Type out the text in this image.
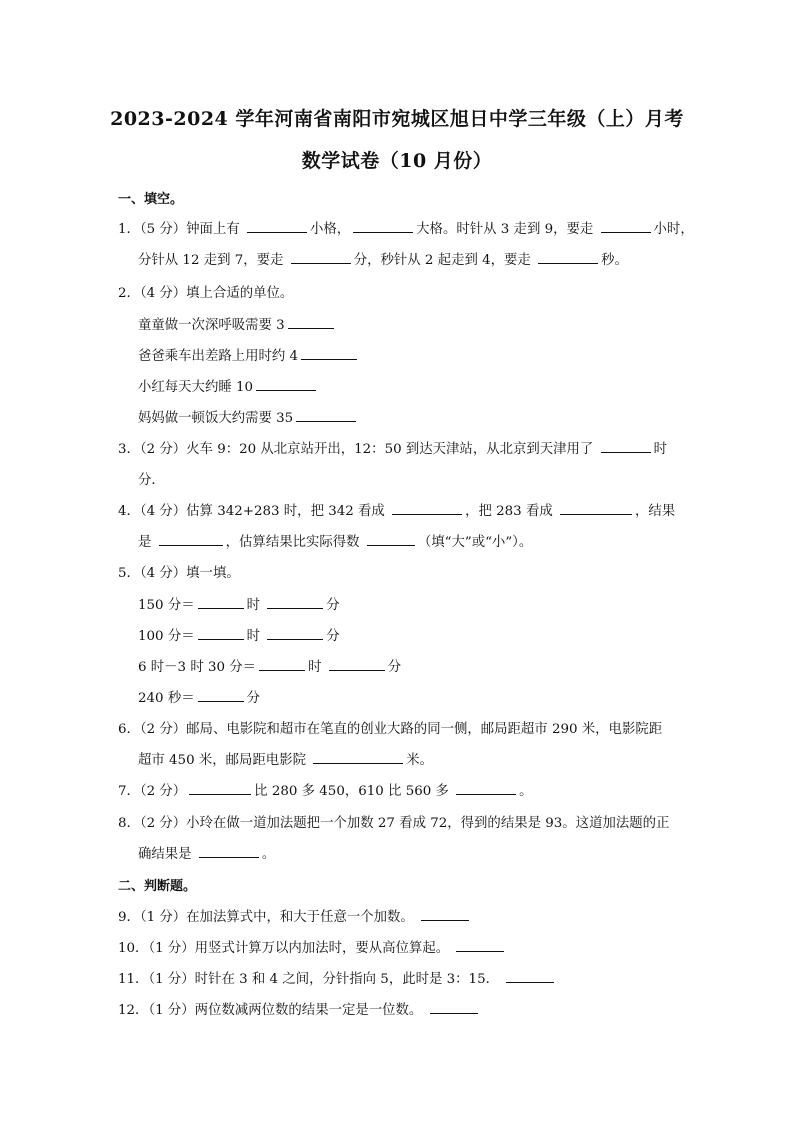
2023-2024 学年河南省南阳市宛城区旭日中学三年级（上）月考
数学试卷（10 月份）
一、填空。
1．（5 分）钟面上有	小格，	大格。时针从 3 走到 9，要走	小时，
分针从 12 走到 7，要走	分，秒针从 2 起走到 4，要走	秒。
2．（4 分）填上合适的单位。
童童做一次深呼吸需要 3
爸爸乘车出差路上用时约 4
小红每天大约睡 10
妈妈做一顿饭大约需要 35
3．（2 分）火车 9：20 从北京站开出，12：50 到达天津站，从北京到天津用了	时
分．
4．（4 分）估算 342+283 时，把 342 看成	，把 283 看成	，结果
是	，估算结果比实际得数	（填“大”或“小”）。
5．（4 分）填一填。
150 分＝	时	分
100 分＝	时	分
6 时－3 时 30 分＝	时	分
240 秒＝	分
6．（2 分）邮局、电影院和超市在笔直的创业大路的同一侧，邮局距超市 290 米，电影院距
超市 450 米，邮局距电影院	米。
7．（2 分）	比 280 多 450，610 比 560 多	。
8．（2 分）小玲在做一道加法题把一个加数 27 看成 72，得到的结果是 93。这道加法题的正
确结果是	。
二、判断题。
9．（1 分）在加法算式中，和大于任意一个加数。
10．（1 分）用竖式计算万以内加法时，要从高位算起。
11．（1 分）时针在 3 和 4 之间，分针指向 5，此时是 3：15．
12．（1 分）两位数减两位数的结果一定是一位数。
